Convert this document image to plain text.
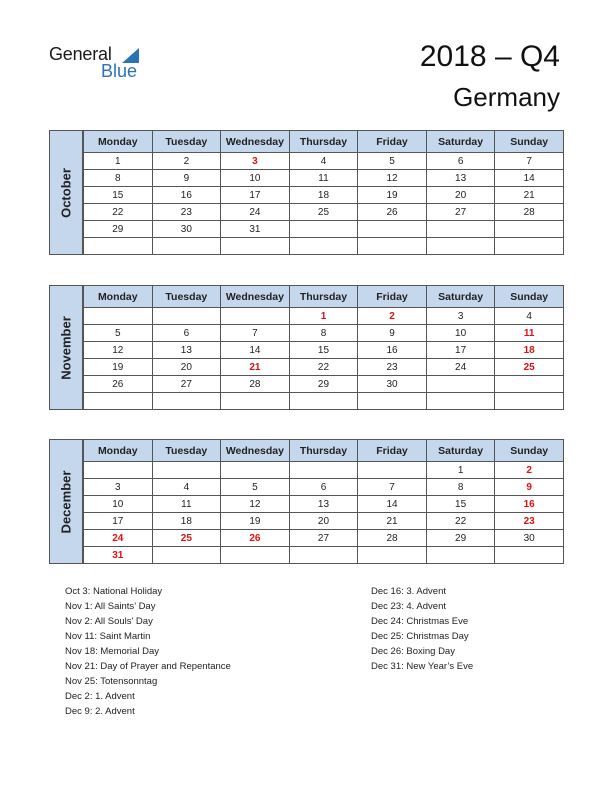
General
Blue	2018 – Q4
Germany
October
Monday	Tuesday	Wednesday	Thursday	Friday	Saturday	Sunday
1	2	3	4	5	6	7
8	9	10	11	12	13	14
15	16	17	18	19	20	21
22	23	24	25	26	27	28
29	30	31				

November
Monday	Tuesday	Wednesday	Thursday	Friday	Saturday	Sunday
			1	2	3	4
5	6	7	8	9	10	11
12	13	14	15	16	17	18
19	20	21	22	23	24	25
26	27	28	29	30		

December
Monday	Tuesday	Wednesday	Thursday	Friday	Saturday	Sunday
					1	2
3	4	5	6	7	8	9
10	11	12	13	14	15	16
17	18	19	20	21	22	23
24	25	26	27	28	29	30
31						
Oct 3: National Holiday
Nov 1: All Saints’ Day
Nov 2: All Souls’ Day
Nov 11: Saint Martin
Nov 18: Memorial Day
Nov 21: Day of Prayer and Repentance
Nov 25: Totensonntag
Dec 2: 1. Advent
Dec 9: 2. Advent
Dec 16: 3. Advent
Dec 23: 4. Advent
Dec 24: Christmas Eve
Dec 25: Christmas Day
Dec 26: Boxing Day
Dec 31: New Year’s Eve
